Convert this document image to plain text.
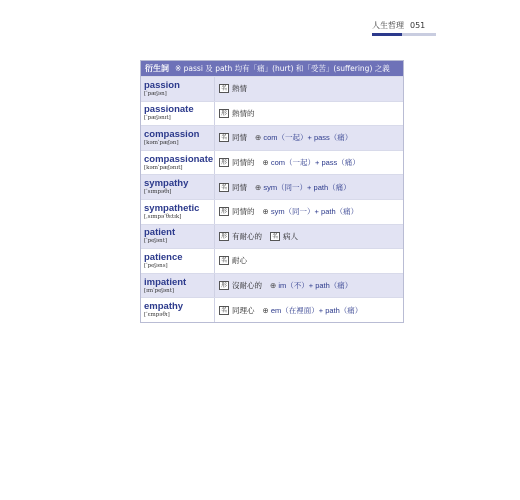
人生哲理 051
衍生詞 ※ passi 及 path 均有「痛」(hurt) 和「受苦」(suffering) 之義
passion
[ˈpæʃən]
名 熱情
passionate
[ˈpæʃənɪt]
形 熱情的
compassion
[kəmˈpæʃən]
名 同情 ⊕ com（一起）+ pass（痛）
compassionate
[kəmˈpæʃənɪt]
形 同情的 ⊕ com（一起）+ pass（痛）
sympathy
[ˈsɪmpəθɪ]
名 同情 ⊕ sym（同一）+ path（痛）
sympathetic
[ˌsɪmpəˈθɛtɪk]
形 同情的 ⊕ sym（同一）+ path（痛）
patient
[ˈpeʃənt]
形 有耐心的	名 病人
patience
[ˈpeʃəns]
名 耐心
impatient
[ɪmˈpeʃənt]
形 沒耐心的 ⊕ im（不）+ path（痛）
empathy
[ˈɛmpəθɪ]
名 同理心 ⊕ em（在裡面）+ path（痛）
